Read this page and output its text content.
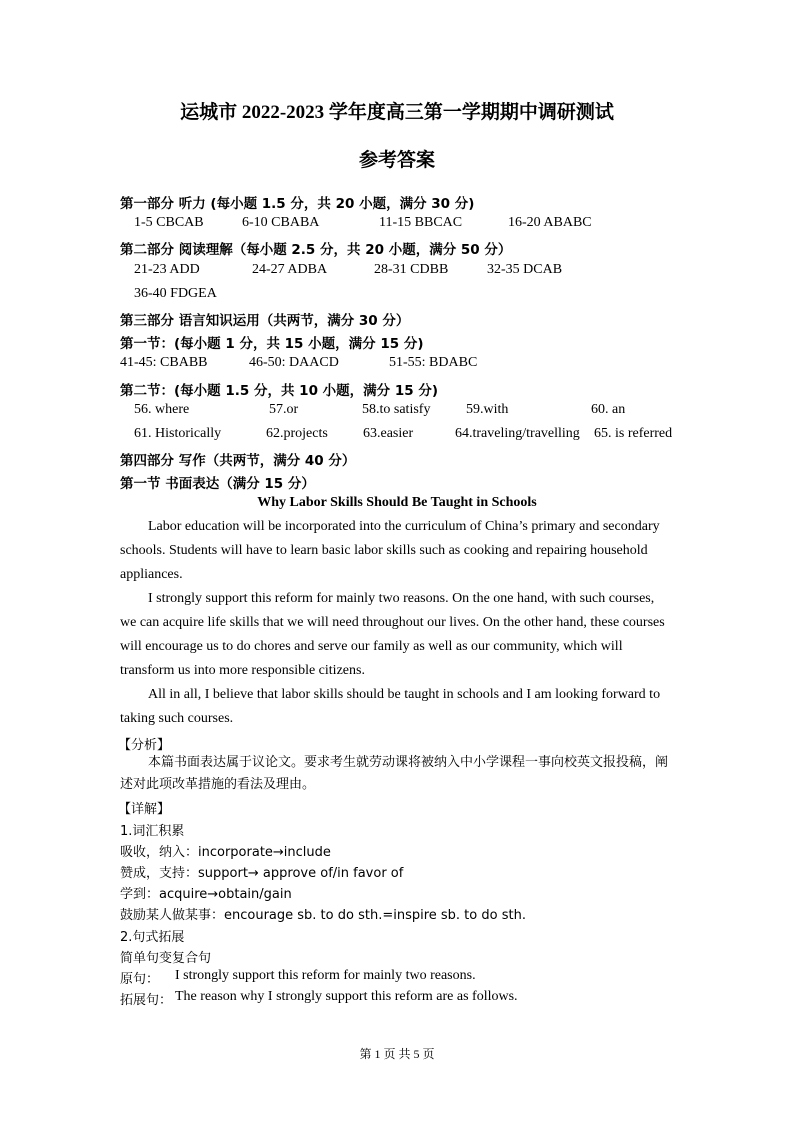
运城市 2022-2023 学年度高三第一学期期中调研测试
参考答案
第一部分 听力 (每小题 1.5 分，共 20 小题，满分 30 分)
1-5 CBCAB	6-10 CBABA	11-15 BBCAC	16-20 ABABC
第二部分 阅读理解（每小题 2.5 分，共 20 小题，满分 50 分）
21-23 ADD	24-27 ADBA	28-31 CDBB	32-35 DCAB
36-40 FDGEA
第三部分 语言知识运用（共两节，满分 30 分）
第一节：(每小题 1 分，共 15 小题，满分 15 分)
41-45: CBABB	46-50: DAACD	51-55: BDABC
第二节：(每小题 1.5 分，共 10 小题，满分 15 分)
56. where	57.or	58.to satisfy	59.with	60. an
61. Historically	62.projects	63.easier	64.traveling/travelling 65. is referred
第四部分 写作（共两节，满分 40 分）
第一节 书面表达（满分 15 分）
Why Labor Skills Should Be Taught in Schools
Labor education will be incorporated into the curriculum of China’s primary and secondary schools. Students will have to learn basic labor skills such as cooking and repairing household appliances.
I strongly support this reform for mainly two reasons. On the one hand, with such courses, we can acquire life skills that we will need throughout our lives. On the other hand, these courses will encourage us to do chores and serve our family as well as our community, which will transform us into more responsible citizens.
All in all, I believe that labor skills should be taught in schools and I am looking forward to taking such courses.
【分析】
本篇书面表达属于议论文。要求考生就劳动课将被纳入中小学课程一事向校英文报投稿，阐述对此项改革措施的看法及理由。
【详解】
1.词汇积累
吸收，纳入：incorporate→include
赞成，支持：support→ approve of/in favor of
学到：acquire→obtain/gain
鼓励某人做某事：encourage sb. to do sth.=inspire sb. to do sth.
2.句式拓展
简单句变复合句
原句： I strongly support this reform for mainly two reasons.
拓展句： The reason why I strongly support this reform are as follows.
第 1 页 共 5 页
